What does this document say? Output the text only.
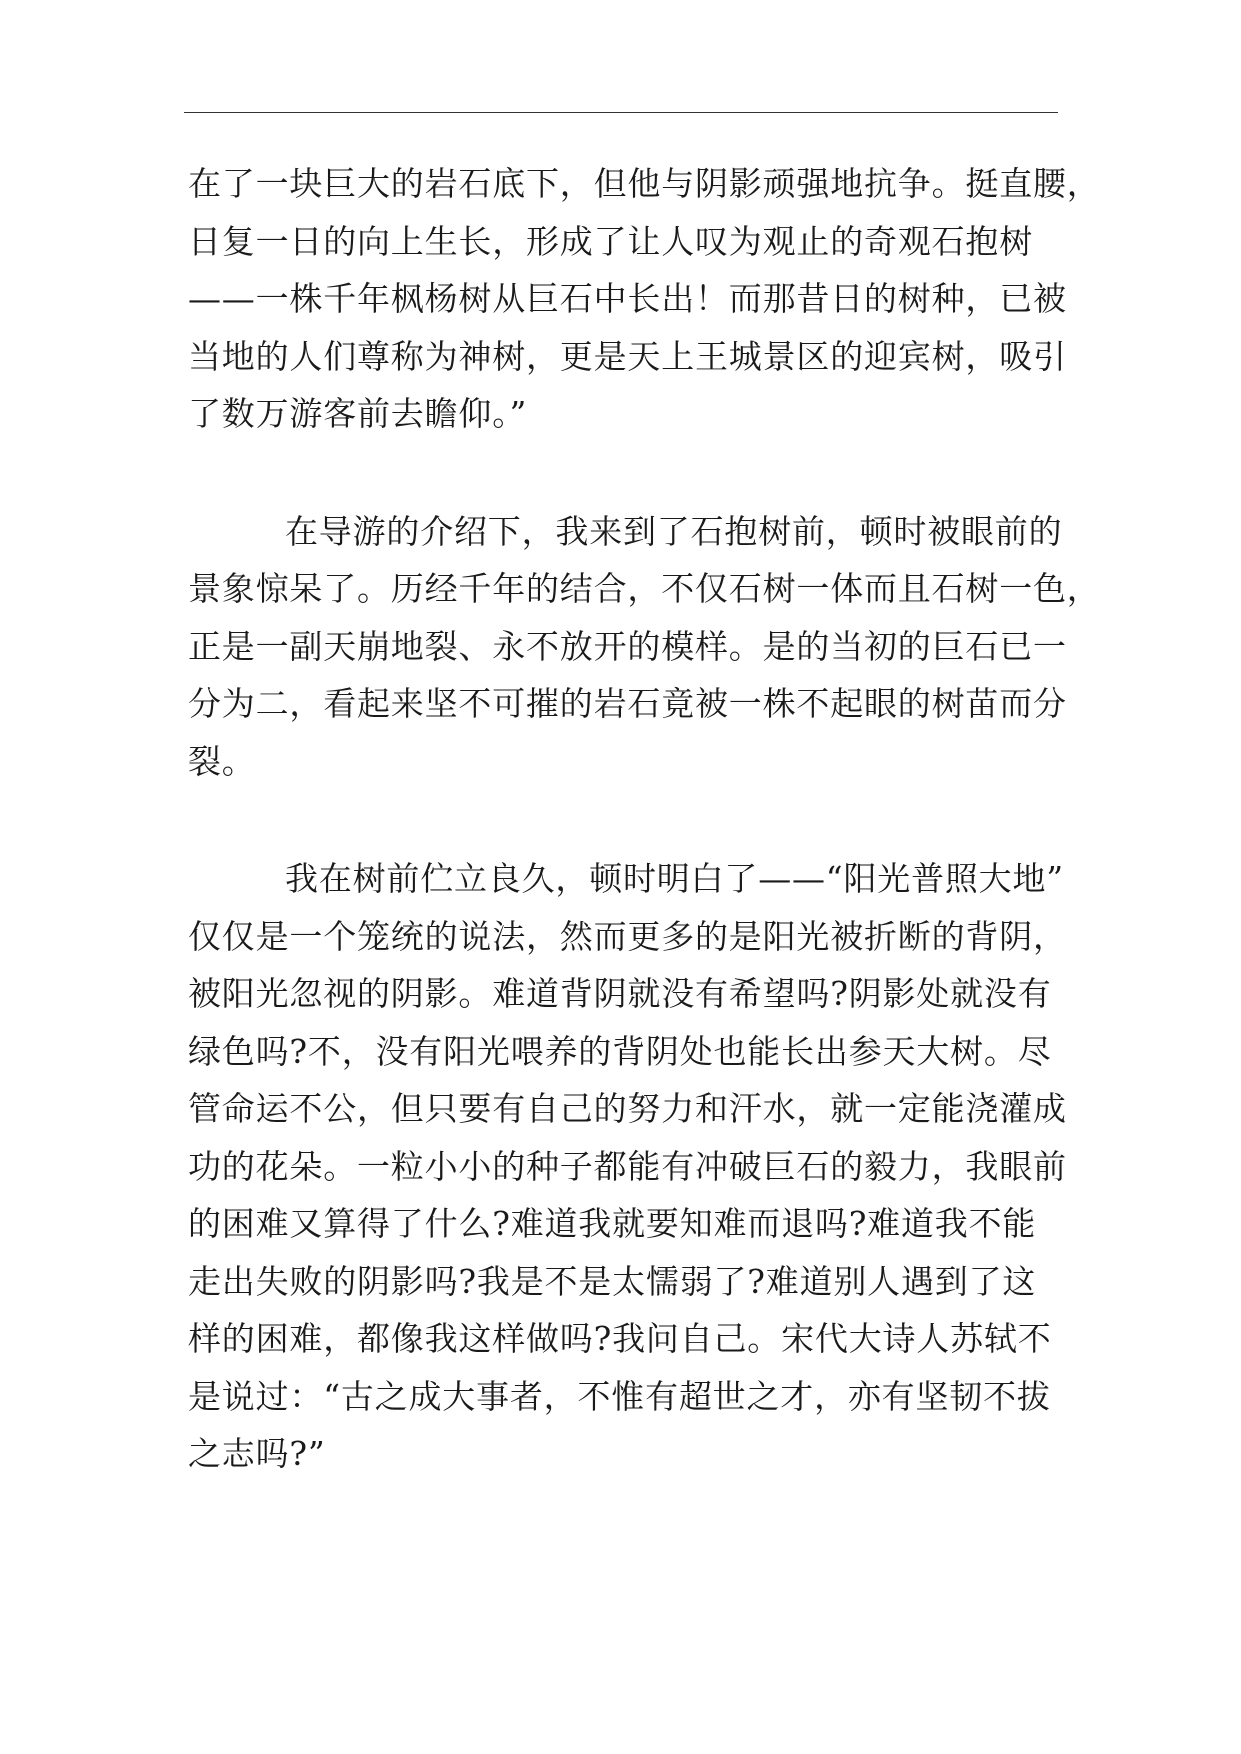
在了一块巨大的岩石底下，但他与阴影顽强地抗争。挺直腰，
日复一日的向上生长，形成了让人叹为观止的奇观石抱树
——一株千年枫杨树从巨石中长出！而那昔日的树种，已被
当地的人们尊称为神树，更是天上王城景区的迎宾树，吸引
了数万游客前去瞻仰。”
在导游的介绍下，我来到了石抱树前，顿时被眼前的
景象惊呆了。历经千年的结合，不仅石树一体而且石树一色，
正是一副天崩地裂、永不放开的模样。是的当初的巨石已一
分为二，看起来坚不可摧的岩石竟被一株不起眼的树苗而分
裂。
我在树前伫立良久，顿时明白了——“阳光普照大地”
仅仅是一个笼统的说法，然而更多的是阳光被折断的背阴，
被阳光忽视的阴影。难道背阴就没有希望吗?阴影处就没有
绿色吗?不，没有阳光喂养的背阴处也能长出参天大树。尽
管命运不公，但只要有自己的努力和汗水，就一定能浇灌成
功的花朵。一粒小小的种子都能有冲破巨石的毅力，我眼前
的困难又算得了什么?难道我就要知难而退吗?难道我不能
走出失败的阴影吗?我是不是太懦弱了?难道别人遇到了这
样的困难，都像我这样做吗?我问自己。宋代大诗人苏轼不
是说过：“古之成大事者，不惟有超世之才，亦有坚韧不拔
之志吗?”
